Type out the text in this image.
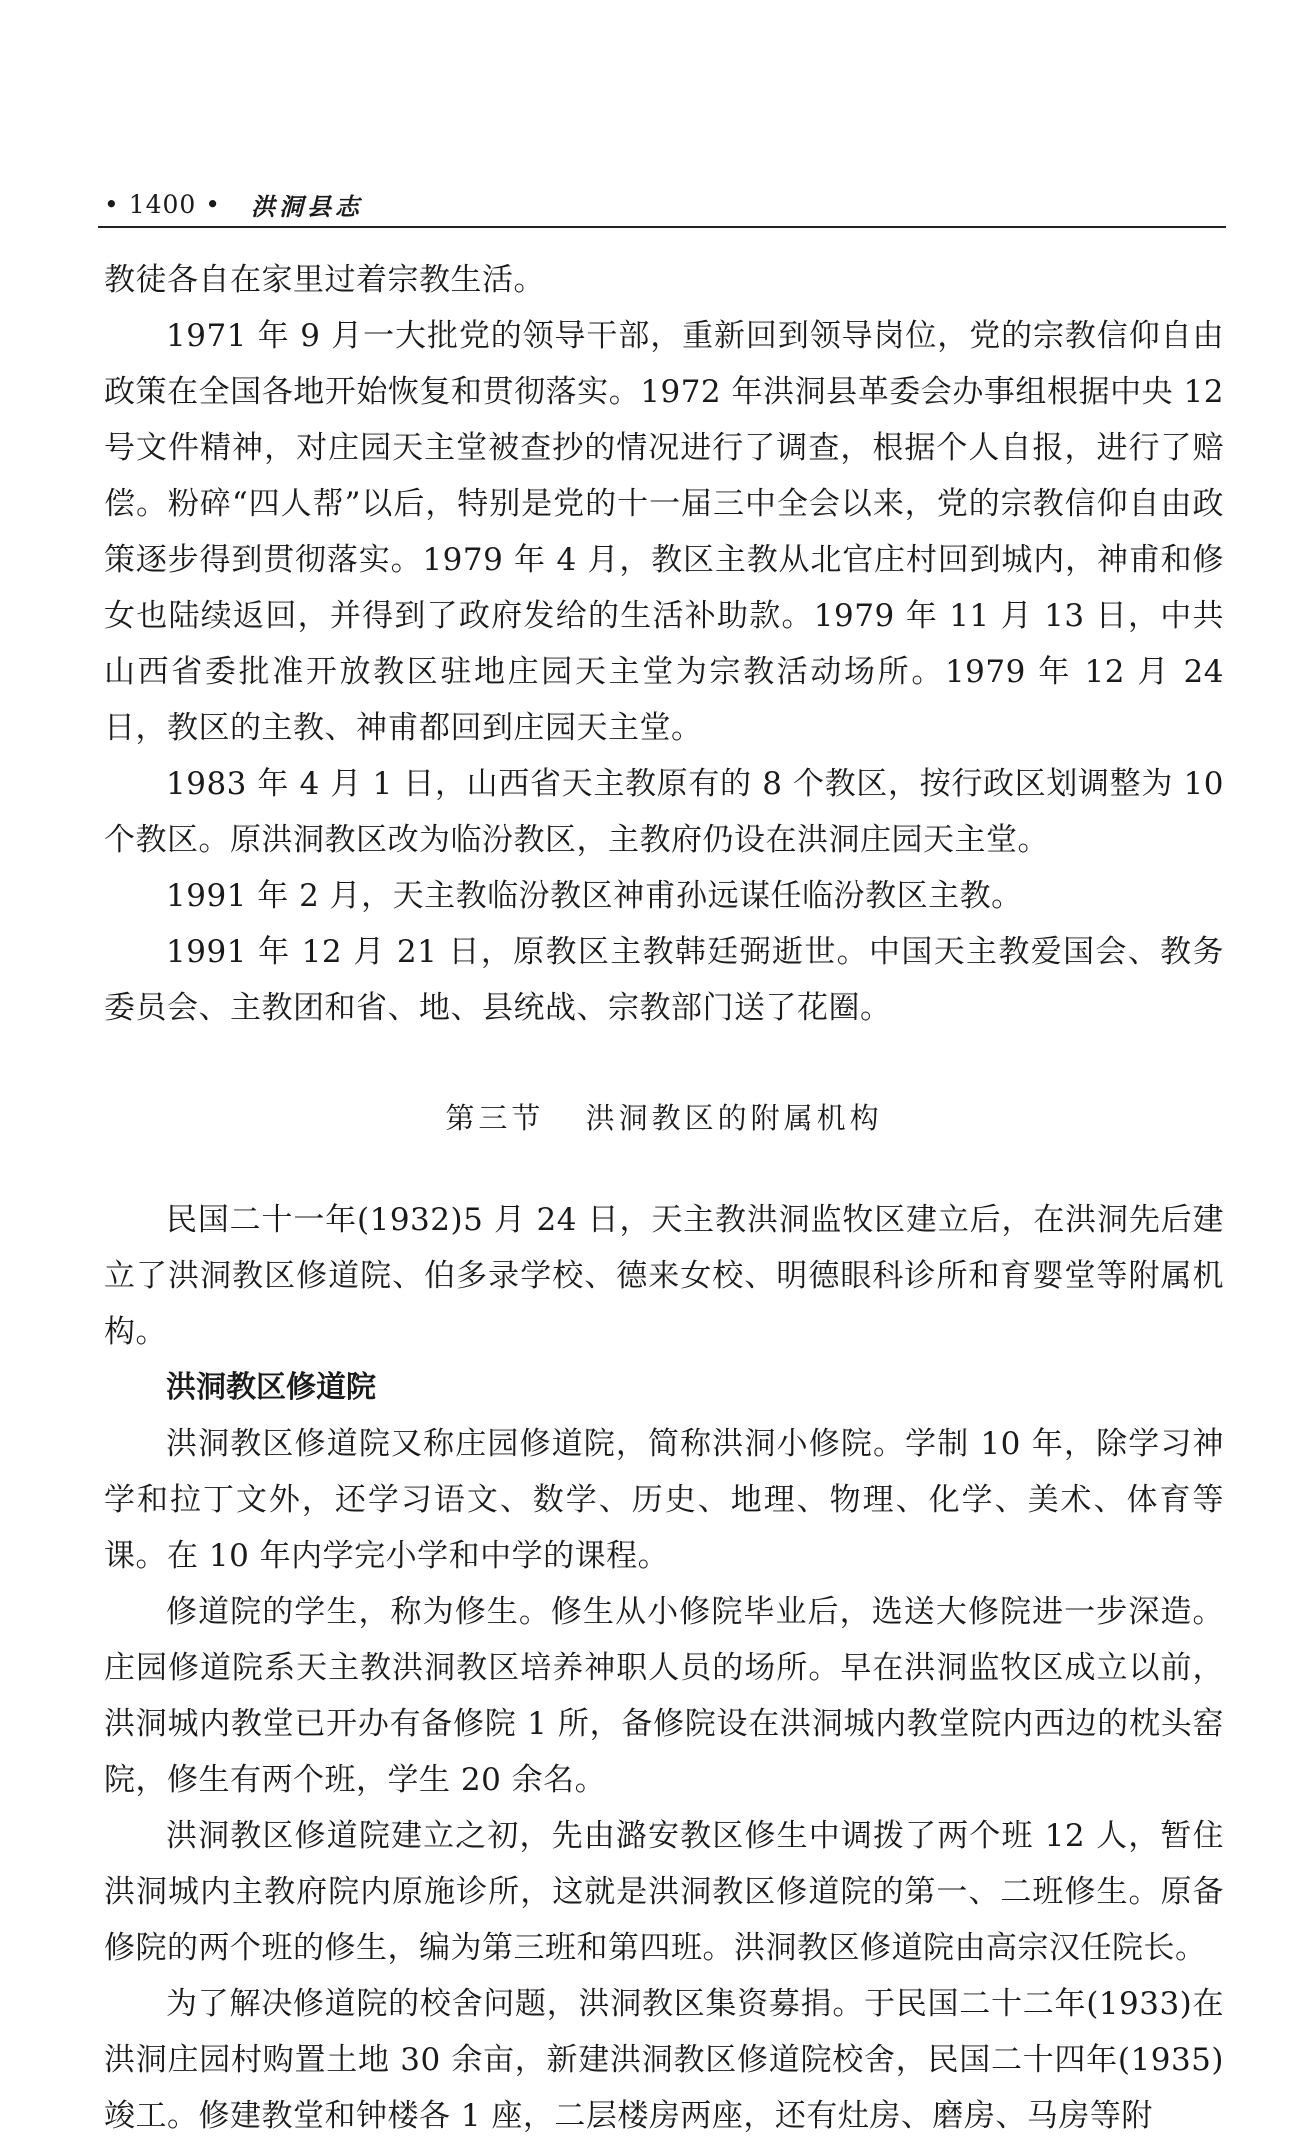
• 1400 • 洪洞县志

教徒各自在家里过着宗教生活。

1971 年 9 月一大批党的领导干部，重新回到领导岗位，党的宗教信仰自由政策在全国各地开始恢复和贯彻落实。1972 年洪洞县革委会办事组根据中央 12 号文件精神，对庄园天主堂被查抄的情况进行了调查，根据个人自报，进行了赔偿。粉碎“四人帮”以后，特别是党的十一届三中全会以来，党的宗教信仰自由政策逐步得到贯彻落实。1979 年 4 月，教区主教从北官庄村回到城内，神甫和修女也陆续返回，并得到了政府发给的生活补助款。1979 年 11 月 13 日，中共山西省委批准开放教区驻地庄园天主堂为宗教活动场所。1979 年 12 月 24 日，教区的主教、神甫都回到庄园天主堂。

1983 年 4 月 1 日，山西省天主教原有的 8 个教区，按行政区划调整为 10 个教区。原洪洞教区改为临汾教区，主教府仍设在洪洞庄园天主堂。

1991 年 2 月，天主教临汾教区神甫孙远谋任临汾教区主教。

1991 年 12 月 21 日，原教区主教韩廷弼逝世。中国天主教爱国会、教务委员会、主教团和省、地、县统战、宗教部门送了花圈。

第三节 洪洞教区的附属机构

民国二十一年(1932)5 月 24 日，天主教洪洞监牧区建立后，在洪洞先后建立了洪洞教区修道院、伯多录学校、德来女校、明德眼科诊所和育婴堂等附属机构。

洪洞教区修道院

洪洞教区修道院又称庄园修道院，简称洪洞小修院。学制 10 年，除学习神学和拉丁文外，还学习语文、数学、历史、地理、物理、化学、美术、体育等课。在 10 年内学完小学和中学的课程。

修道院的学生，称为修生。修生从小修院毕业后，选送大修院进一步深造。庄园修道院系天主教洪洞教区培养神职人员的场所。早在洪洞监牧区成立以前，洪洞城内教堂已开办有备修院 1 所，备修院设在洪洞城内教堂院内西边的枕头窑院，修生有两个班，学生 20 余名。

洪洞教区修道院建立之初，先由潞安教区修生中调拨了两个班 12 人，暂住洪洞城内主教府院内原施诊所，这就是洪洞教区修道院的第一、二班修生。原备修院的两个班的修生，编为第三班和第四班。洪洞教区修道院由高宗汉任院长。

为了解决修道院的校舍问题，洪洞教区集资募捐。于民国二十二年(1933)在洪洞庄园村购置土地 30 余亩，新建洪洞教区修道院校舍，民国二十四年(1935)竣工。修建教堂和钟楼各 1 座，二层楼房两座，还有灶房、磨房、马房等附
